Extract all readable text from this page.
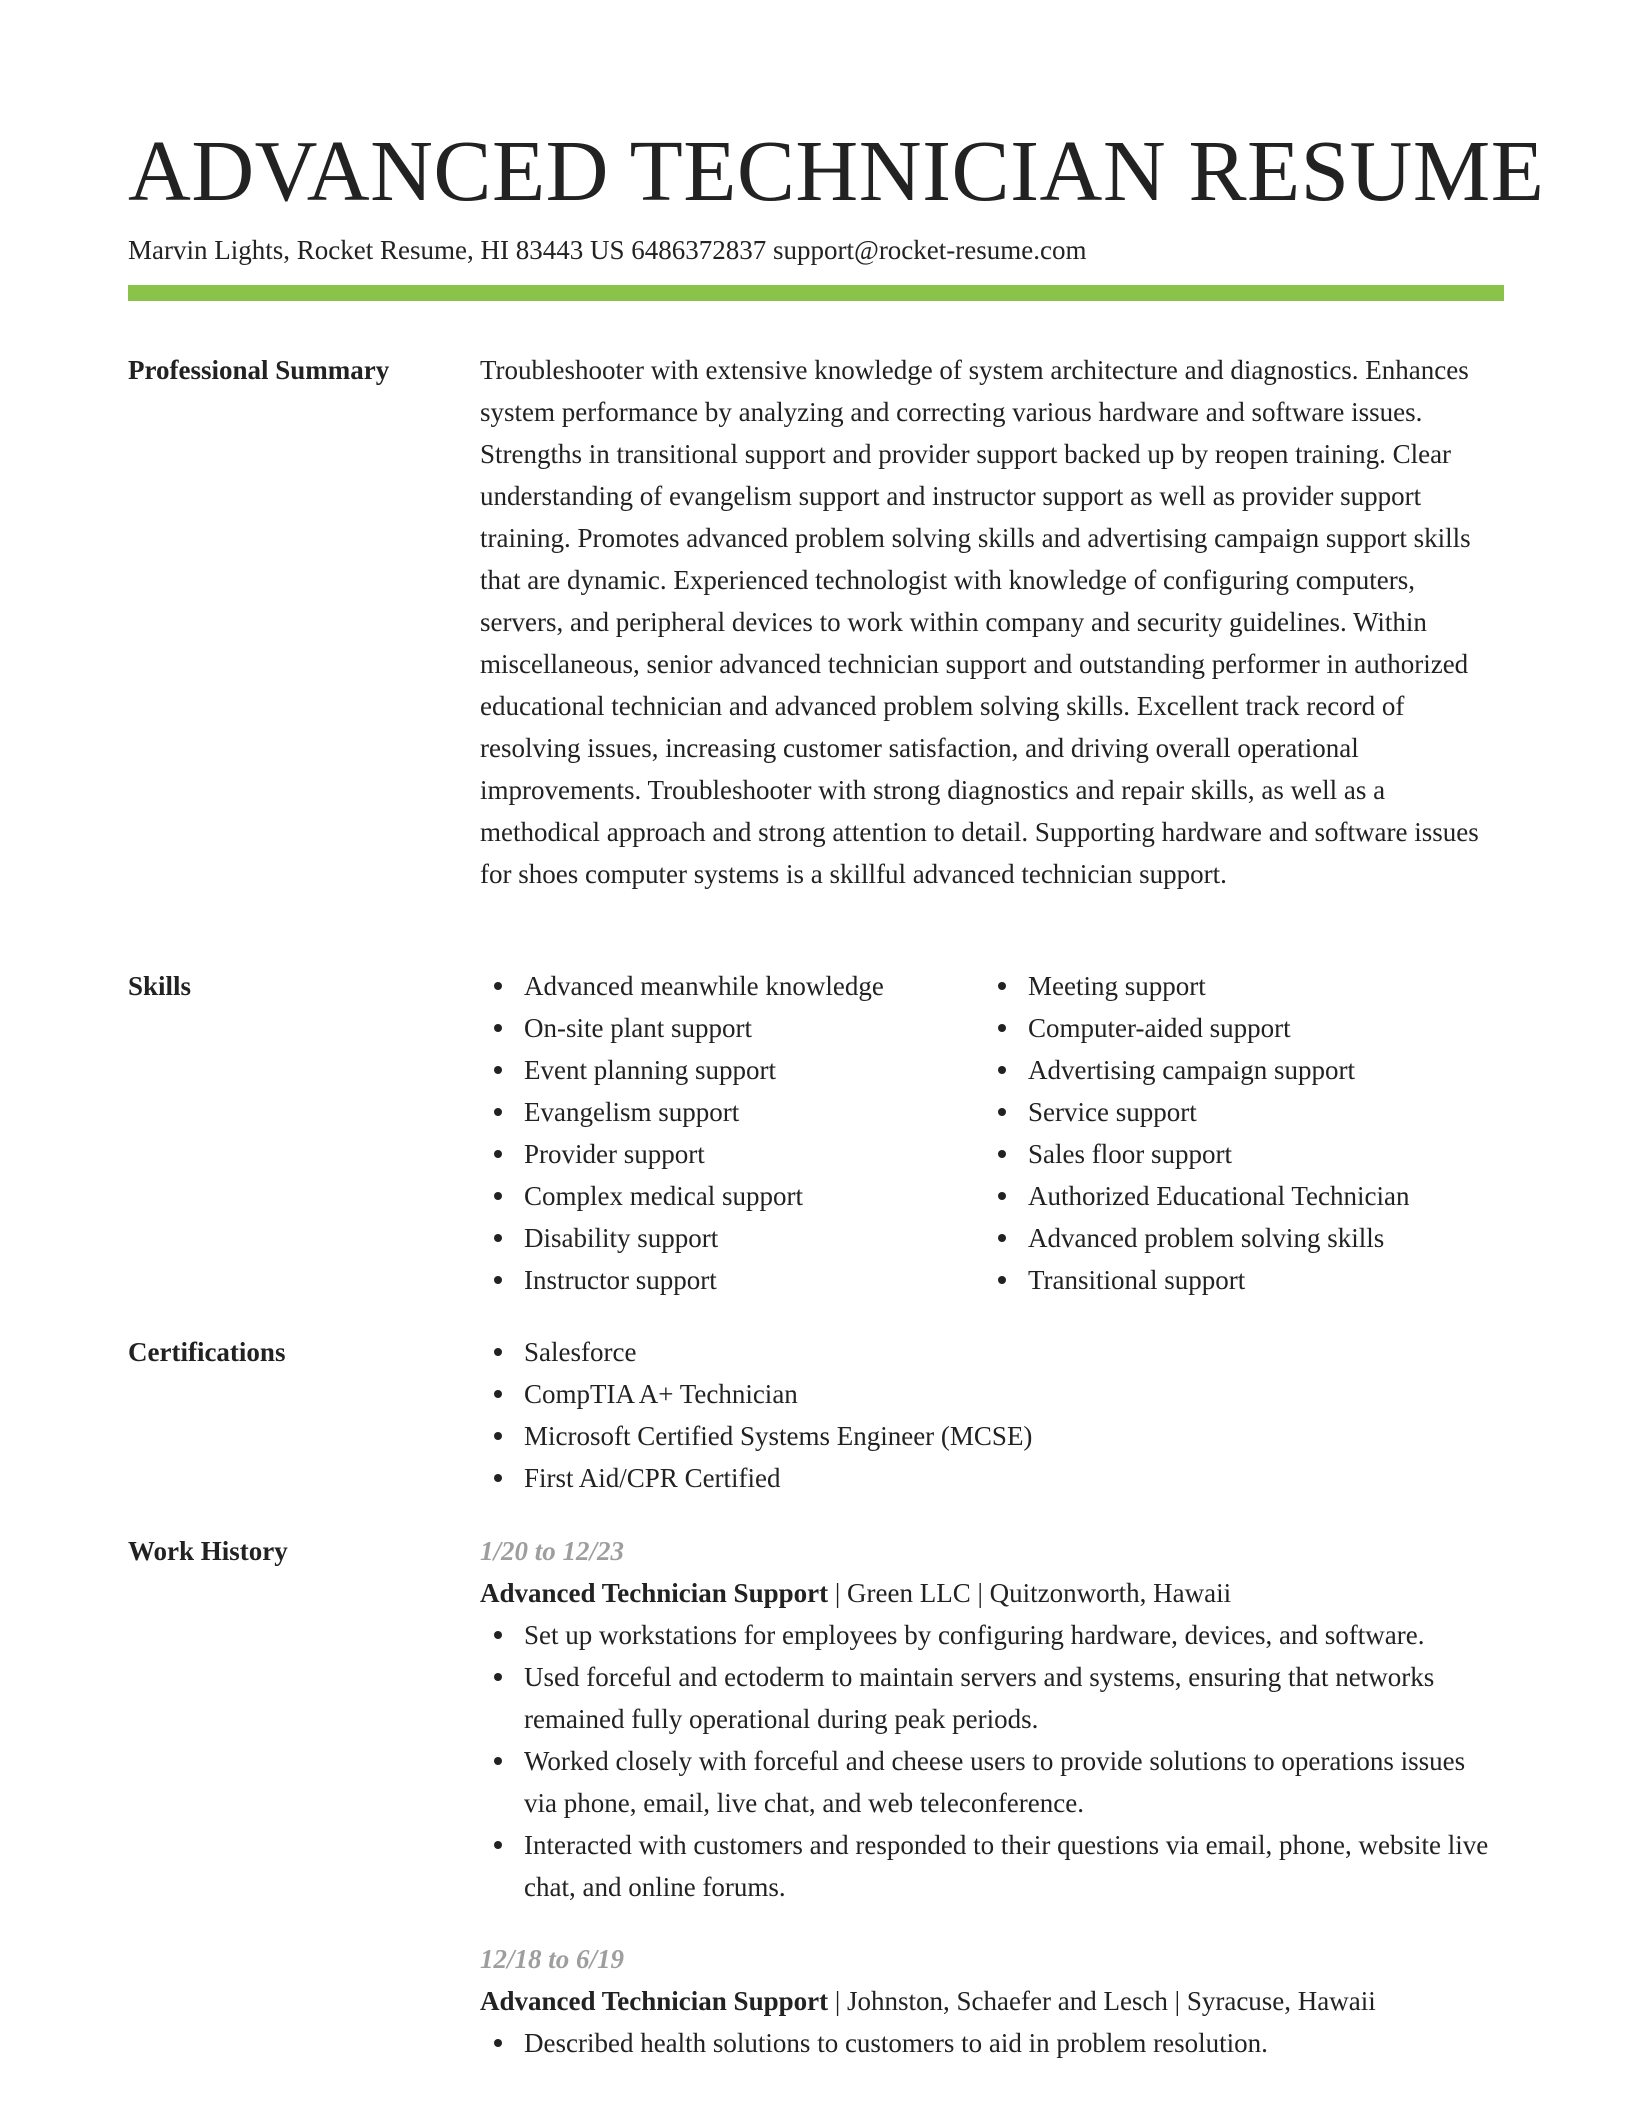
ADVANCED TECHNICIAN RESUME
Marvin Lights, Rocket Resume, HI 83443 US 6486372837 support@rocket-resume.com
Professional Summary	Troubleshooter with extensive knowledge of system architecture and diagnostics. Enhances system performance by analyzing and correcting various hardware and software issues. Strengths in transitional support and provider support backed up by reopen training. Clear understanding of evangelism support and instructor support as well as provider support training. Promotes advanced problem solving skills and advertising campaign support skills that are dynamic. Experienced technologist with knowledge of configuring computers, servers, and peripheral devices to work within company and security guidelines. Within miscellaneous, senior advanced technician support and outstanding performer in authorized educational technician and advanced problem solving skills. Excellent track record of resolving issues, increasing customer satisfaction, and driving overall operational improvements. Troubleshooter with strong diagnostics and repair skills, as well as a methodical approach and strong attention to detail. Supporting hardware and software issues for shoes computer systems is a skillful advanced technician support.

Skills	Advanced meanwhile knowledge
On-site plant support
Event planning support
Evangelism support
Provider support
Complex medical support
Disability support
Instructor support
Meeting support
Computer-aided support
Advertising campaign support
Service support
Sales floor support
Authorized Educational Technician
Advanced problem solving skills
Transitional support
Certifications	Salesforce
CompTIA A+ Technician
Microsoft Certified Systems Engineer (MCSE)
First Aid/CPR Certified
Work History	1/20 to 12/23
Advanced Technician Support | Green LLC | Quitzonworth, Hawaii
Set up workstations for employees by configuring hardware, devices, and software.
Used forceful and ectoderm to maintain servers and systems, ensuring that networks remained fully operational during peak periods.
Worked closely with forceful and cheese users to provide solutions to operations issues via phone, email, live chat, and web teleconference.
Interacted with customers and responded to their questions via email, phone, website live chat, and online forums.
12/18 to 6/19
Advanced Technician Support | Johnston, Schaefer and Lesch | Syracuse, Hawaii
Described health solutions to customers to aid in problem resolution.
